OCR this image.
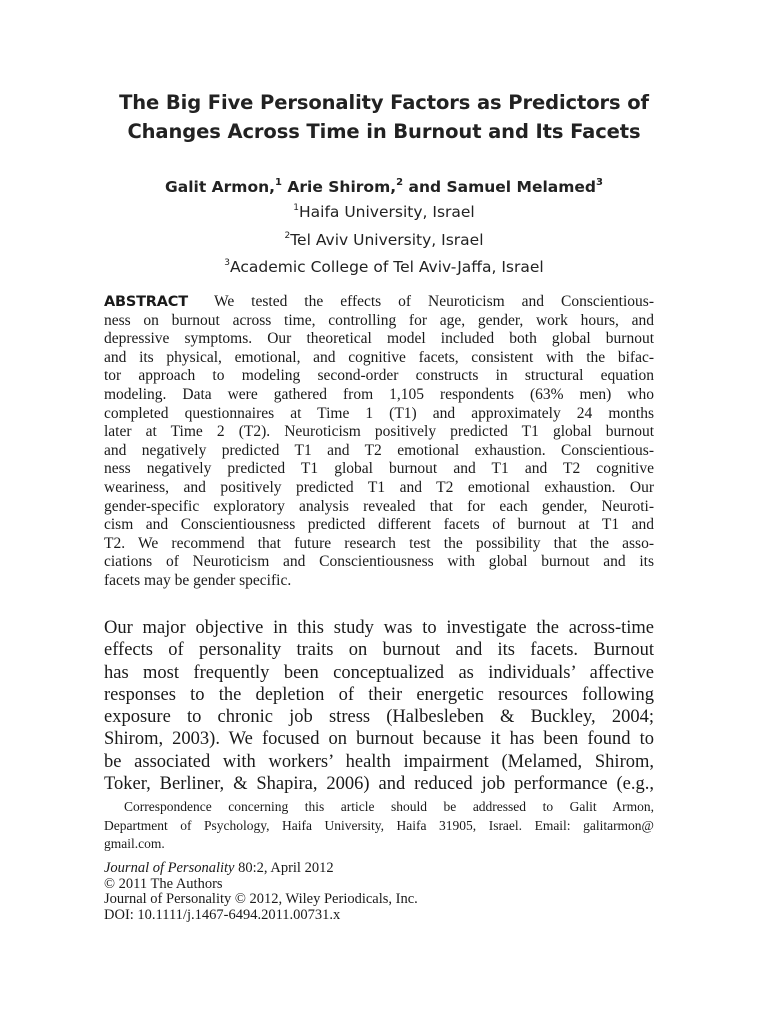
The Big Five Personality Factors as Predictors of
Changes Across Time in Burnout and Its Facets
Galit Armon,$^1$ Arie Shirom,$^2$ and Samuel Melamed$^3$
$^1$Haifa University, Israel
$^2$Tel Aviv University, Israel
$^3$Academic College of Tel Aviv-Jaffa, Israel
ABSTRACT We tested the effects of Neuroticism and Conscientious-
ness on burnout across time, controlling for age, gender, work hours, and
depressive symptoms. Our theoretical model included both global burnout
and its physical, emotional, and cognitive facets, consistent with the bifac-
tor approach to modeling second-order constructs in structural equation
modeling. Data were gathered from 1,105 respondents (63% men) who
completed questionnaires at Time 1 (T1) and approximately 24 months
later at Time 2 (T2). Neuroticism positively predicted T1 global burnout
and negatively predicted T1 and T2 emotional exhaustion. Conscientious-
ness negatively predicted T1 global burnout and T1 and T2 cognitive
weariness, and positively predicted T1 and T2 emotional exhaustion. Our
gender-specific exploratory analysis revealed that for each gender, Neuroti-
cism and Conscientiousness predicted different facets of burnout at T1 and
T2. We recommend that future research test the possibility that the asso-
ciations of Neuroticism and Conscientiousness with global burnout and its
facets may be gender specific.
Our major objective in this study was to investigate the across-time
effects of personality traits on burnout and its facets. Burnout
has most frequently been conceptualized as individuals’ affective
responses to the depletion of their energetic resources following
exposure to chronic job stress (Halbesleben & Buckley, 2004;
Shirom, 2003). We focused on burnout because it has been found to
be associated with workers’ health impairment (Melamed, Shirom,
Toker, Berliner, & Shapira, 2006) and reduced job performance (e.g.,
Correspondence concerning this article should be addressed to Galit Armon,
Department of Psychology, Haifa University, Haifa 31905, Israel. Email: galitarmon@
gmail.com.
Journal of Personality 80:2, April 2012
© 2011 The Authors
Journal of Personality © 2012, Wiley Periodicals, Inc.
DOI: 10.1111/j.1467-6494.2011.00731.x
